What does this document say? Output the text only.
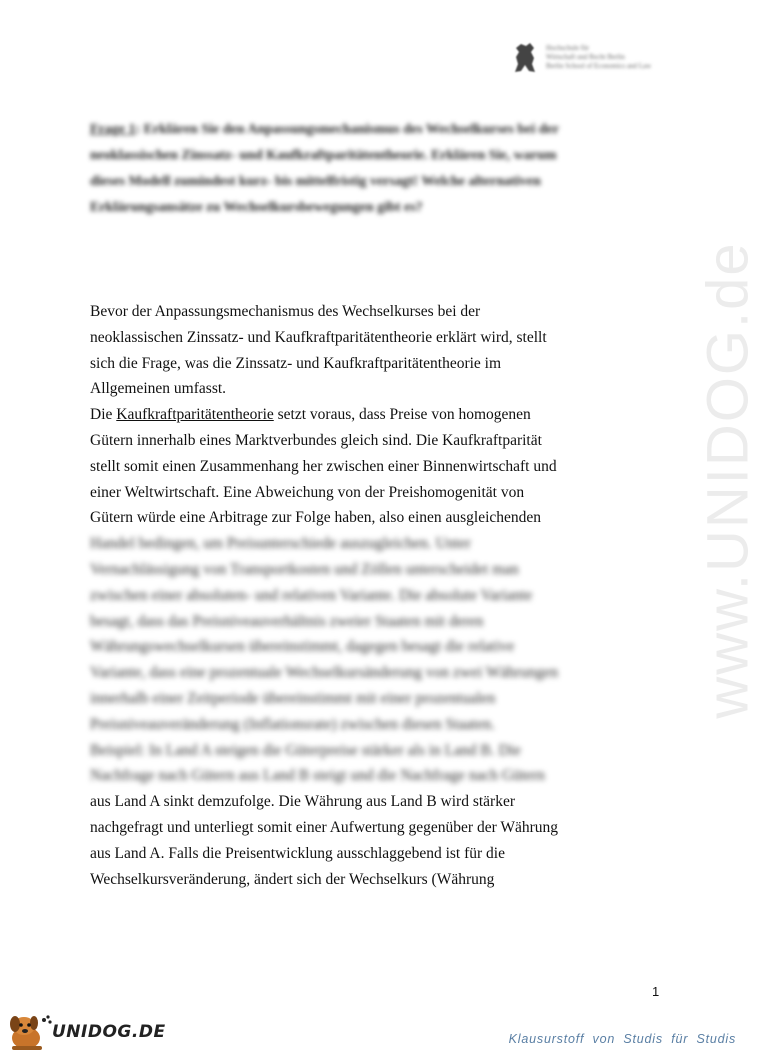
Hochschule für
Wirtschaft und Recht Berlin
Berlin School of Economics and Law
Frage 1: Erklären Sie den Anpassungsmechanismus des Wechselkurses bei der neoklassischen Zinssatz- und Kaufkraftparitätentheorie. Erklären Sie, warum dieses Modell zumindest kurz- bis mittelfristig versagt! Welche alternativen Erklärungsansätze zu Wechselkursbewegungen gibt es?
Bevor der Anpassungsmechanismus des Wechselkurses bei der
neoklassischen Zinssatz- und Kaufkraftparitätentheorie erklärt wird, stellt
sich die Frage, was die Zinssatz- und Kaufkraftparitätentheorie im
Allgemeinen umfasst.
Die Kaufkraftparitätentheorie setzt voraus, dass Preise von homogenen
Gütern innerhalb eines Marktverbundes gleich sind. Die Kaufkraftparität
stellt somit einen Zusammenhang her zwischen einer Binnenwirtschaft und
einer Weltwirtschaft. Eine Abweichung von der Preishomogenität von
Gütern würde eine Arbitrage zur Folge haben, also einen ausgleichenden
Handel bedingen, um Preisunterschiede auszugleichen. Unter
Vernachlässigung von Transportkosten und Zöllen unterscheidet man
zwischen einer absoluten- und relativen Variante. Die absolute Variante
besagt, dass das Preisniveauverhältnis zweier Staaten mit deren
Währungswechselkursen übereinstimmt, dagegen besagt die relative
Variante, dass eine prozentuale Wechselkursänderung von zwei Währungen
innerhalb einer Zeitperiode übereinstimmt mit einer prozentualen
Preisniveauveränderung (Inflationsrate) zwischen diesen Staaten.
Beispiel: In Land A steigen die Güterpreise stärker als in Land B. Die
Nachfrage nach Gütern aus Land B steigt und die Nachfrage nach Gütern
aus Land A sinkt demzufolge. Die Währung aus Land B wird stärker
nachgefragt und unterliegt somit einer Aufwertung gegenüber der Währung
aus Land A. Falls die Preisentwicklung ausschlaggebend ist für die
Wechselkursveränderung, ändert sich der Wechselkurs (Währung
www.UNIDOG.de
1
UNIDOG.DE	Klausurstoff von Studis für Studis
